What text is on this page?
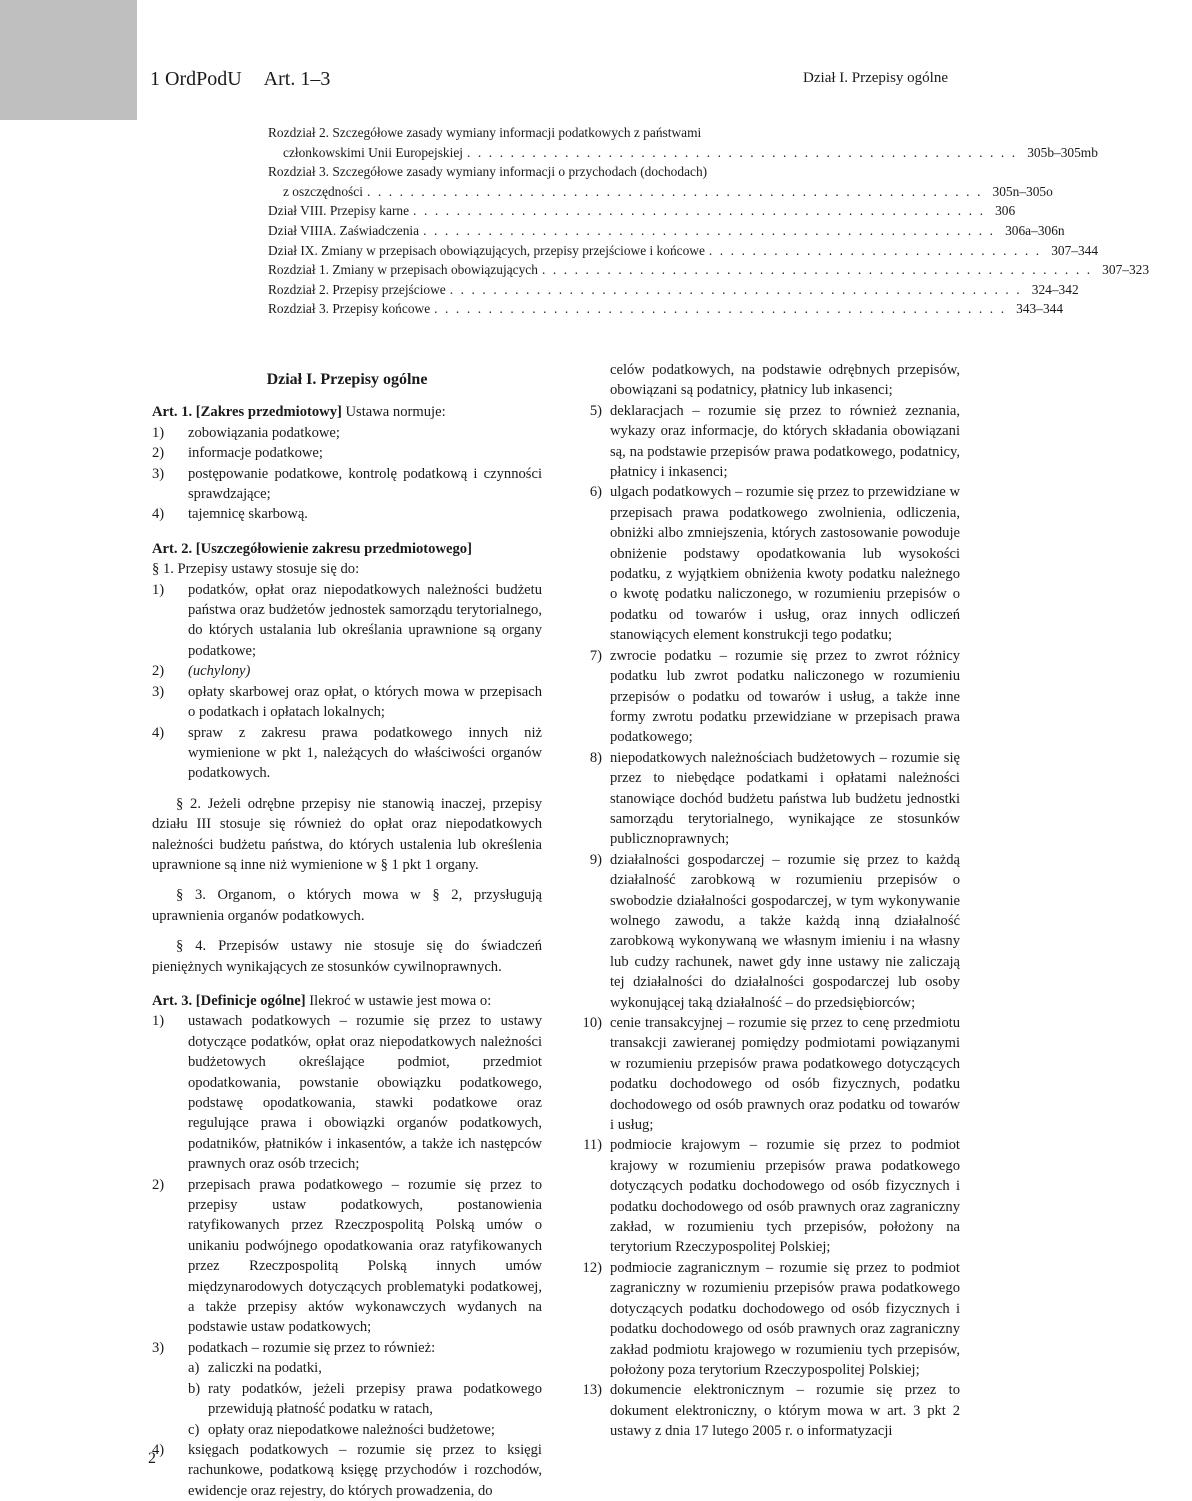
1 OrdPodU Art. 1–3	Dział I. Przepisy ogólne
Rozdział 2. Szczegółowe zasady wymiany informacji podatkowych z państwami
członkowskimi Unii Europejskiej . . . . . . . . . . . . . . . . . . . . . . . . . . . . . . . . . . . . . . . . . . . . . . . . . . . 305b–305mb
Rozdział 3. Szczegółowe zasady wymiany informacji o przychodach (dochodach)
z oszczędności . . . . . . . . . . . . . . . . . . . . . . . . . . . . . . . . . . . . . . . . . . . . . . . . . . . . . . . . . 305n–305o
Dział VIII. Przepisy karne . . . . . . . . . . . . . . . . . . . . . . . . . . . . . . . . . . . . . . . . . . . . . . . . . . . . . 306
Dział VIIIA. Zaświadczenia . . . . . . . . . . . . . . . . . . . . . . . . . . . . . . . . . . . . . . . . . . . . . . . . . . . . . 306a–306n
Dział IX. Zmiany w przepisach obowiązujących, przepisy przejściowe i końcowe . . . . . . . . . . . . . . . . . . . . . . . . . . . . . . . 307–344
Rozdział 1. Zmiany w przepisach obowiązujących . . . . . . . . . . . . . . . . . . . . . . . . . . . . . . . . . . . . . . . . . . . . . . . . . . . 307–323
Rozdział 2. Przepisy przejściowe . . . . . . . . . . . . . . . . . . . . . . . . . . . . . . . . . . . . . . . . . . . . . . . . . . . . . 324–342
Rozdział 3. Przepisy końcowe . . . . . . . . . . . . . . . . . . . . . . . . . . . . . . . . . . . . . . . . . . . . . . . . . . . . . 343–344
Dział I. Przepisy ogólne

Art. 1. [Zakres przedmiotowy] Ustawa normuje:

1)	zobowiązania podatkowe;
2)	informacje podatkowe;
3)	postępowanie podatkowe, kontrolę podatkową i czynności sprawdzające;
4)	tajemnicę skarbową.

Art. 2. [Uszczegółowienie zakresu przedmiotowego]

§ 1. Przepisy ustawy stosuje się do:

1)	podatków, opłat oraz niepodatkowych należności budżetu państwa oraz budżetów jednostek samorządu terytorialnego, do których ustalania lub określania uprawnione są organy podatkowe;
2)	(uchylony)
3)	opłaty skarbowej oraz opłat, o których mowa w przepisach o podatkach i opłatach lokalnych;
4)	spraw z zakresu prawa podatkowego innych niż wymienione w pkt 1, należących do właściwości organów podatkowych.

§ 2. Jeżeli odrębne przepisy nie stanowią inaczej, przepisy działu III stosuje się również do opłat oraz niepodatkowych należności budżetu państwa, do których ustalenia lub określenia uprawnione są inne niż wymienione w § 1 pkt 1 organy.

§ 3. Organom, o których mowa w § 2, przysługują uprawnienia organów podatkowych.

§ 4. Przepisów ustawy nie stosuje się do świadczeń pieniężnych wynikających ze stosunków cywilnoprawnych.

Art. 3. [Definicje ogólne] Ilekroć w ustawie jest mowa o:

1)	ustawach podatkowych – rozumie się przez to ustawy dotyczące podatków, opłat oraz niepodatkowych należności budżetowych określające podmiot, przedmiot opodatkowania, powstanie obowiązku podatkowego, podstawę opodatkowania, stawki podatkowe oraz regulujące prawa i obowiązki organów podatkowych, podatników, płatników i inkasentów, a także ich następców prawnych oraz osób trzecich;
2)	przepisach prawa podatkowego – rozumie się przez to przepisy ustaw podatkowych, postanowienia ratyfikowanych przez Rzeczpospolitą Polską umów o unikaniu podwójnego opodatkowania oraz ratyfikowanych przez Rzeczpospolitą Polską innych umów międzynarodowych dotyczących problematyki podatkowej, a także przepisy aktów wykonawczych wydanych na podstawie ustaw podatkowych;
3)	podatkach – rozumie się przez to również:
a) zaliczki na podatki,
b) raty podatków, jeżeli przepisy prawa podatkowego przewidują płatność podatku w ratach,
c) opłaty oraz niepodatkowe należności budżetowe;
4)	księgach podatkowych – rozumie się przez to księgi rachunkowe, podatkową księgę przychodów i rozchodów, ewidencje oraz rejestry, do których prowadzenia, do
celów podatkowych, na podstawie odrębnych przepisów, obowiązani są podatnicy, płatnicy lub inkasenci;
5) deklaracjach – rozumie się przez to również zeznania, wykazy oraz informacje, do których składania obowiązani są, na podstawie przepisów prawa podatkowego, podatnicy, płatnicy i inkasenci;
6) ulgach podatkowych – rozumie się przez to przewidziane w przepisach prawa podatkowego zwolnienia, odliczenia, obniżki albo zmniejszenia, których zastosowanie powoduje obniżenie podstawy opodatkowania lub wysokości podatku, z wyjątkiem obniżenia kwoty podatku należnego o kwotę podatku naliczonego, w rozumieniu przepisów o podatku od towarów i usług, oraz innych odliczeń stanowiących element konstrukcji tego podatku;
7) zwrocie podatku – rozumie się przez to zwrot różnicy podatku lub zwrot podatku naliczonego w rozumieniu przepisów o podatku od towarów i usług, a także inne formy zwrotu podatku przewidziane w przepisach prawa podatkowego;
8) niepodatkowych należnościach budżetowych – rozumie się przez to niebędące podatkami i opłatami należności stanowiące dochód budżetu państwa lub budżetu jednostki samorządu terytorialnego, wynikające ze stosunków publicznoprawnych;
9) działalności gospodarczej – rozumie się przez to każdą działalność zarobkową w rozumieniu przepisów o swobodzie działalności gospodarczej, w tym wykonywanie wolnego zawodu, a także każdą inną działalność zarobkową wykonywaną we własnym imieniu i na własny lub cudzy rachunek, nawet gdy inne ustawy nie zaliczają tej działalności do działalności gospodarczej lub osoby wykonującej taką działalność – do przedsiębiorców;
10) cenie transakcyjnej – rozumie się przez to cenę przedmiotu transakcji zawieranej pomiędzy podmiotami powiązanymi w rozumieniu przepisów prawa podatkowego dotyczących podatku dochodowego od osób fizycznych, podatku dochodowego od osób prawnych oraz podatku od towarów i usług;
11) podmiocie krajowym – rozumie się przez to podmiot krajowy w rozumieniu przepisów prawa podatkowego dotyczących podatku dochodowego od osób fizycznych i podatku dochodowego od osób prawnych oraz zagraniczny zakład, w rozumieniu tych przepisów, położony na terytorium Rzeczypospolitej Polskiej;
12) podmiocie zagranicznym – rozumie się przez to podmiot zagraniczny w rozumieniu przepisów prawa podatkowego dotyczących podatku dochodowego od osób fizycznych i podatku dochodowego od osób prawnych oraz zagraniczny zakład podmiotu krajowego w rozumieniu tych przepisów, położony poza terytorium Rzeczypospolitej Polskiej;
13) dokumencie elektronicznym – rozumie się przez to dokument elektroniczny, o którym mowa w art. 3 pkt 2 ustawy z dnia 17 lutego 2005 r. o informatyzacji
2
